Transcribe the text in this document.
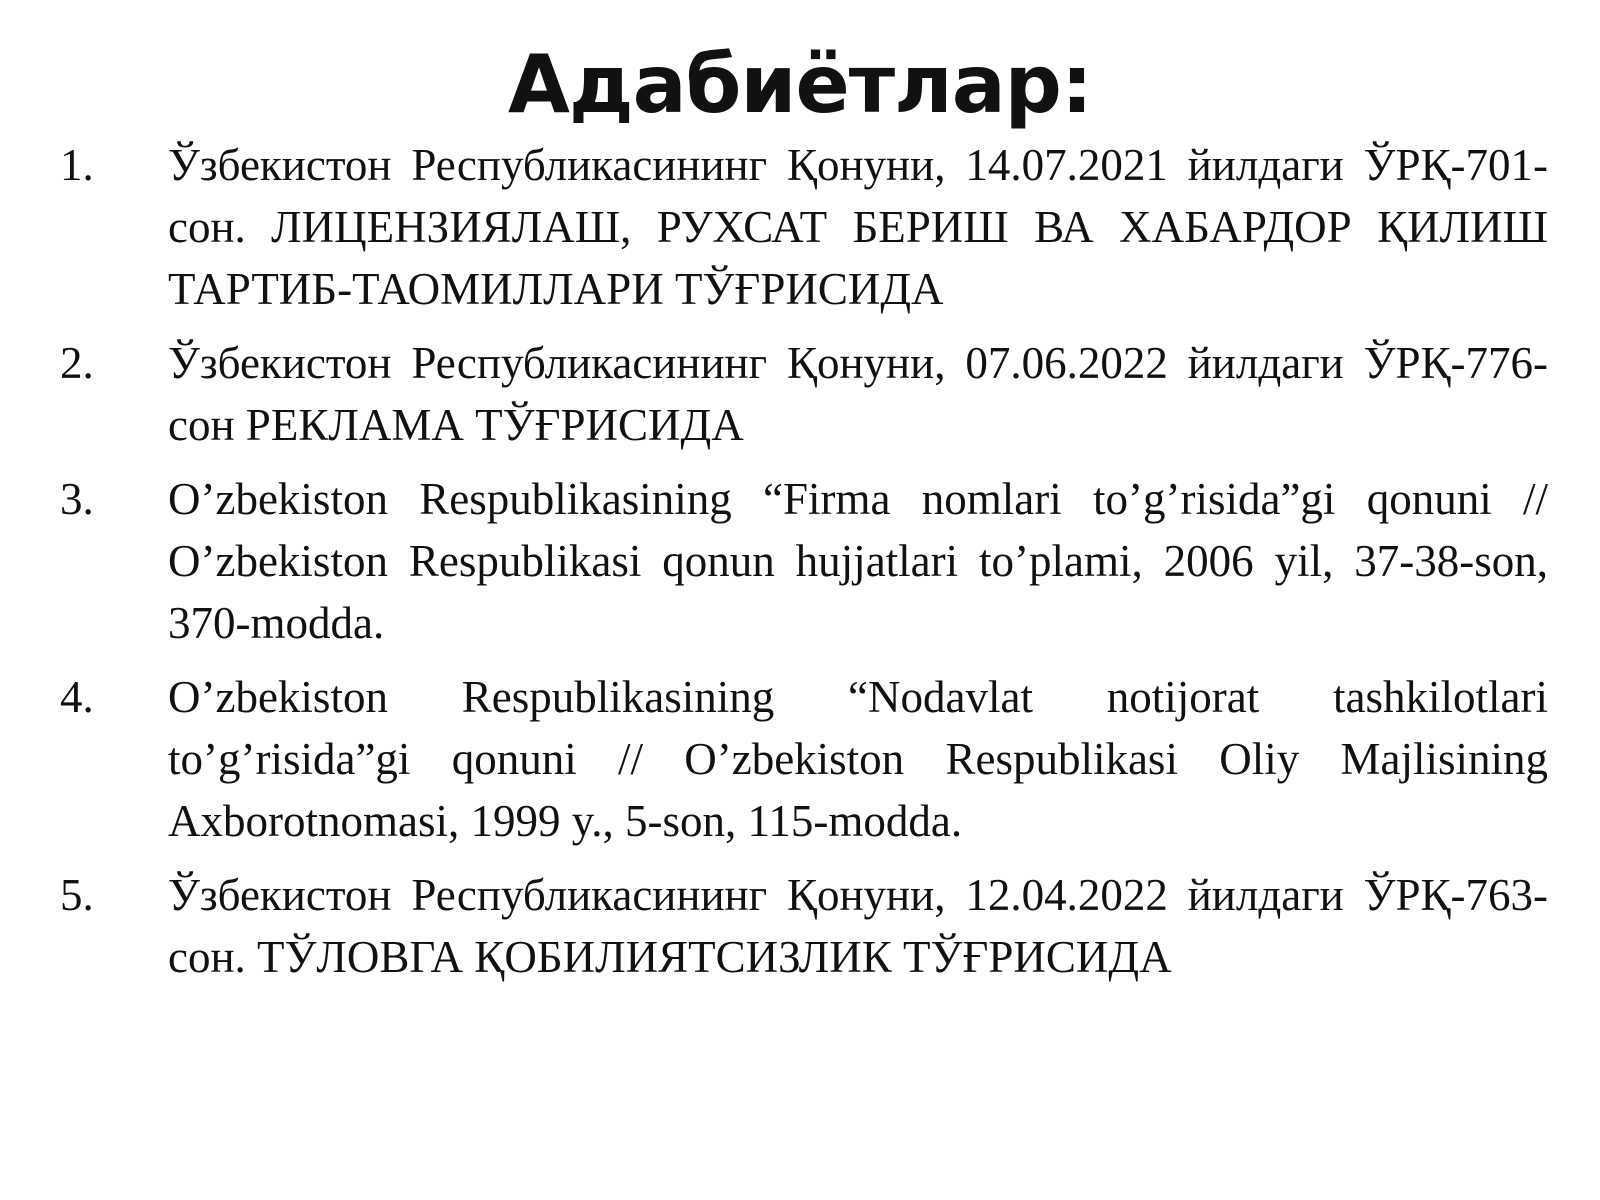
Адабиётлар:
1. Ўзбекистон Республикасининг Қонуни, 14.07.2021 йилдаги ЎРҚ-701-сон. ЛИЦЕНЗИЯЛАШ, РУХСАТ БЕРИШ ВА ХАБАРДОР ҚИЛИШ ТАРТИБ-ТАОМИЛЛАРИ ТЎҒРИСИДА
2. Ўзбекистон Республикасининг Қонуни, 07.06.2022 йилдаги ЎРҚ-776-сон РЕКЛАМА ТЎҒРИСИДА
3. O’zbekiston Respublikasining “Firma nomlari to’g’risida”gi qonuni // O’zbekiston Respublikasi qonun hujjatlari to’plami, 2006 yil, 37-38-son, 370-modda.
4. O’zbekiston Respublikasining “Nodavlat notijorat tashkilotlari to’g’risida”gi qonuni // O’zbekiston Respublikasi Oliy Majlisining Axborotnomasi, 1999 y., 5-son, 115-modda.
5. Ўзбекистон Республикасининг Қонуни, 12.04.2022 йилдаги ЎРҚ-763-сон. ТЎЛОВГА ҚОБИЛИЯТСИЗЛИК ТЎҒРИСИДА
